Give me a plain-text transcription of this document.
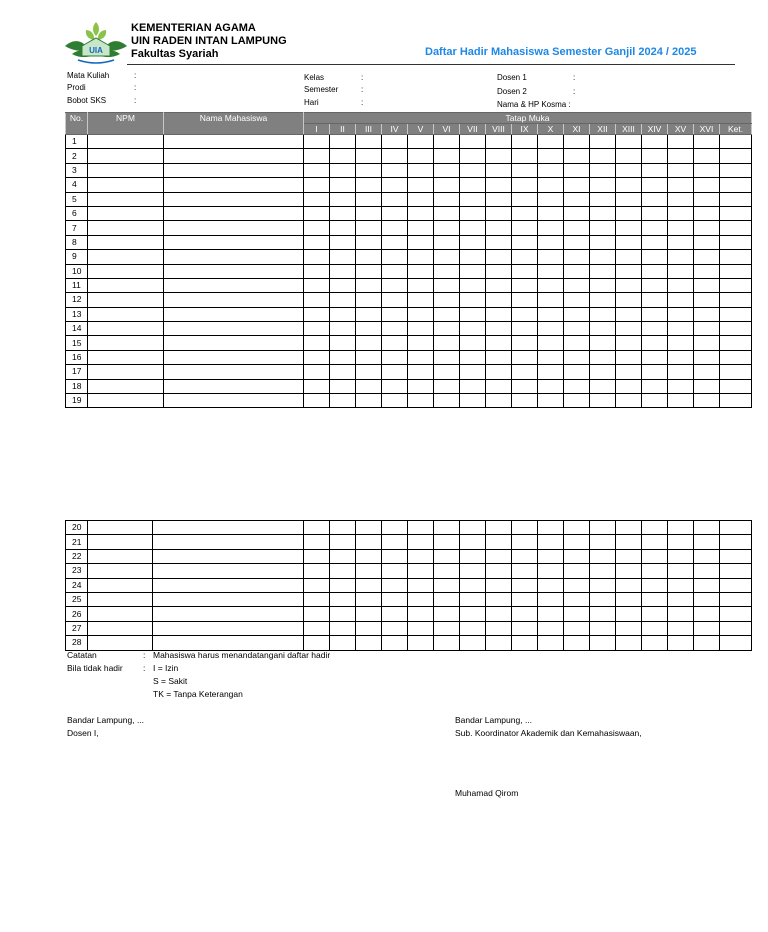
UIA
KEMENTERIAN AGAMA
UIN RADEN INTAN LAMPUNG
Fakultas Syariah	Daftar Hadir Mahasiswa Semester Ganjil 2024 / 2025
Mata Kuliah	:
Prodi	:
Bobot SKS	:
Kelas	:
Semester	:
Hari	:
Dosen 1	:
Dosen 2	:
Nama & HP Kosma :
No.	NPM	Nama Mahasiswa	Tatap Muka																
			I	II	III	IV	V	VI	VII	VIII	IX	X	XI	XII	XIII	XIV	XV	XVI	Ket.
1																			
2																			
3																			
4																			
5																			
6																			
7																			
8																			
9																			
10																			
11																			
12																			
13																			
14																			
15																			
16																			
17																			
18																			
19																			
20																			
21																			
22																			
23																			
24																			
25																			
26																			
27																			
28																			
Catatan	: Mahasiswa harus menandatangani daftar hadir
Bila tidak hadir : I = Izin
S = Sakit
TK = Tanpa Keterangan
Bandar Lampung, ...
Dosen I,
Bandar Lampung, ...
Sub. Koordinator Akademik dan Kemahasiswaan,
Muhamad Qirom
